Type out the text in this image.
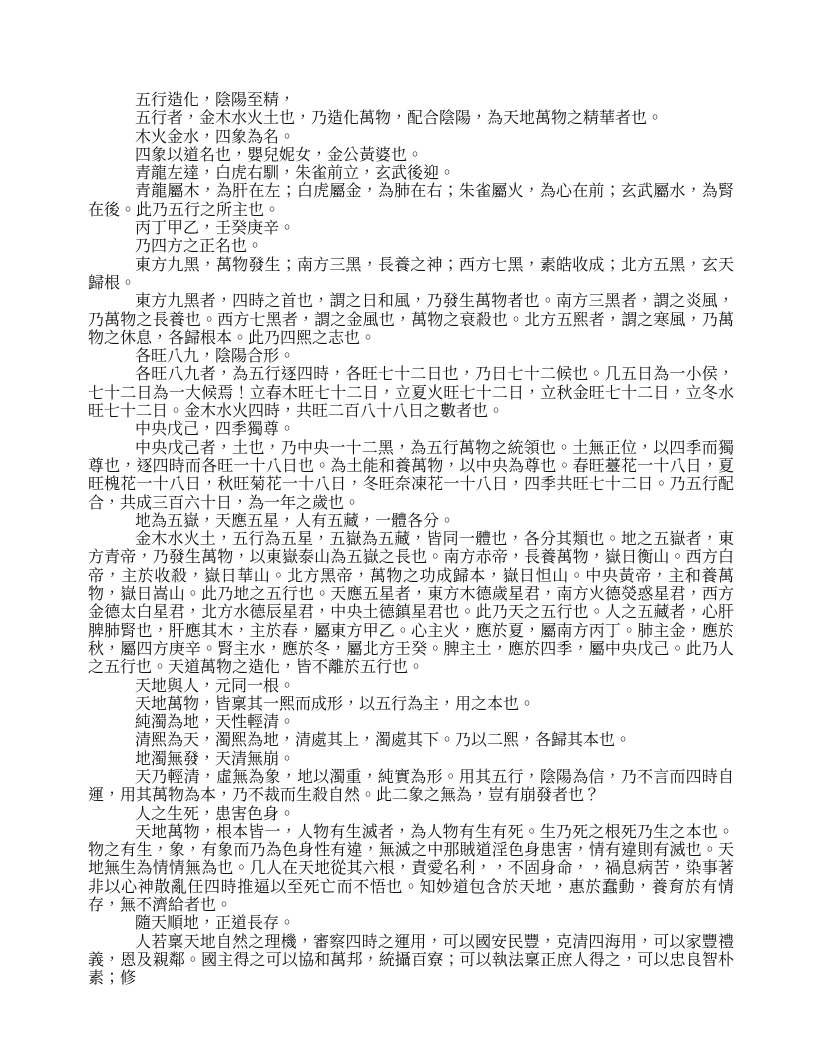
五行造化，陰陽至精，

五行者，金木水火土也，乃造化萬物，配合陰陽，為天地萬物之精華者也。

木火金水，四象為名。

四象以道名也，嬰兒妮女，金公黃婆也。

青龍左達，白虎右馴，朱雀前立，玄武後迎。

青龍屬木，為肝在左；白虎屬金，為肺在右；朱雀屬火，為心在前；玄武屬水，為腎在後。此乃五行之所主也。

丙丁甲乙，壬癸庚辛。

乃四方之正名也。

東方九黑，萬物發生；南方三黑，長養之神；西方七黑，素皓收成；北方五黑，玄天歸根。

東方九黑者，四時之首也，謂之日和風，乃發生萬物者也。南方三黑者，謂之炎風，乃萬物之長養也。西方七黑者，謂之金風也，萬物之衰殺也。北方五熙者，謂之寒風，乃萬物之休息，各歸根本。此乃四熙之志也。

各旺八九，陰陽合形。

各旺八九者，為五行逐四時，各旺七十二日也，乃日七十二候也。几五日為一小侯，七十二日為一大候焉！立春木旺七十二日，立夏火旺七十二日，立秋金旺七十二日，立冬水旺七十二日。金木水火四時，共旺二百八十八日之數者也。

中央戊己，四季獨尊。

中央戊己者，土也，乃中央一十二黑，為五行萬物之統領也。土無正位，以四季而獨尊也，逐四時而各旺一十八日也。為土能和養萬物，以中央為尊也。春旺薹花一十八日，夏旺槐花一十八日，秋旺菊花一十八日，冬旺奈凍花一十八日，四季共旺七十二日。乃五行配合，共成三百六十日，為一年之歲也。

地為五嶽，天應五星，人有五藏，一體各分。

金木水火土，五行為五星，五嶽為五藏，皆同一體也，各分其類也。地之五嶽者，東方青帝，乃發生萬物，以東嶽泰山為五嶽之長也。南方赤帝，長養萬物，嶽日衡山。西方白帝，主於收殺，嶽日華山。北方黑帝，萬物之功成歸本，嶽日怛山。中央黃帝，主和養萬物，嶽日嵩山。此乃地之五行也。天應五星者，東方木德歲星君，南方火德熒惑星君，西方金德太白星君，北方水德辰星君，中央土德鎮星君也。此乃天之五行也。人之五藏者，心肝脾肺腎也，肝應其木，主於春，屬東方甲乙。心主火，應於夏，屬南方丙丁。肺主金，應於秋，屬四方庚辛。腎主水，應於冬，屬北方壬癸。脾主土，應於四季，屬中央戊己。此乃人之五行也。天道萬物之造化，皆不離於五行也。

天地與人，元同一根。

天地萬物，皆稟其一熙而成形，以五行為主，用之本也。

純濁為地，天性輕清。

清熙為天，濁熙為地，清處其上，濁處其下。乃以二熙，各歸其本也。

地濁無發，天清無崩。

天乃輕清，虛無為象，地以濁重，純實為形。用其五行，陰陽為信，乃不言而四時自運，用其萬物為本，乃不裁而生殺自然。此二象之無為，豈有崩發者也？

人之生死，患害色身。

天地萬物，根本皆一，人物有生滅者，為人物有生有死。生乃死之根死乃生之本也。物之有生，象，有象而乃為色身性有違，無滅之中那賊道淫色身患害，情有違則有滅也。天地無生為情情無為也。几人在天地從其六根，責愛名利，，不固身命，，禍息病苦，染事著非以心神散亂任四時推逼以至死亡而不悟也。知妙道包含於天地，惠於蠢動，養育於有情存，無不濟給者也。

隨天順地，正道長存。

人若稟天地自然之理機，審察四時之運用，可以國安民豐，克清四海用，可以家豐禮義，恩及親鄰。國主得之可以協和萬邦，統攝百寮；可以執法稟正庶人得之，可以忠良智朴素；修
